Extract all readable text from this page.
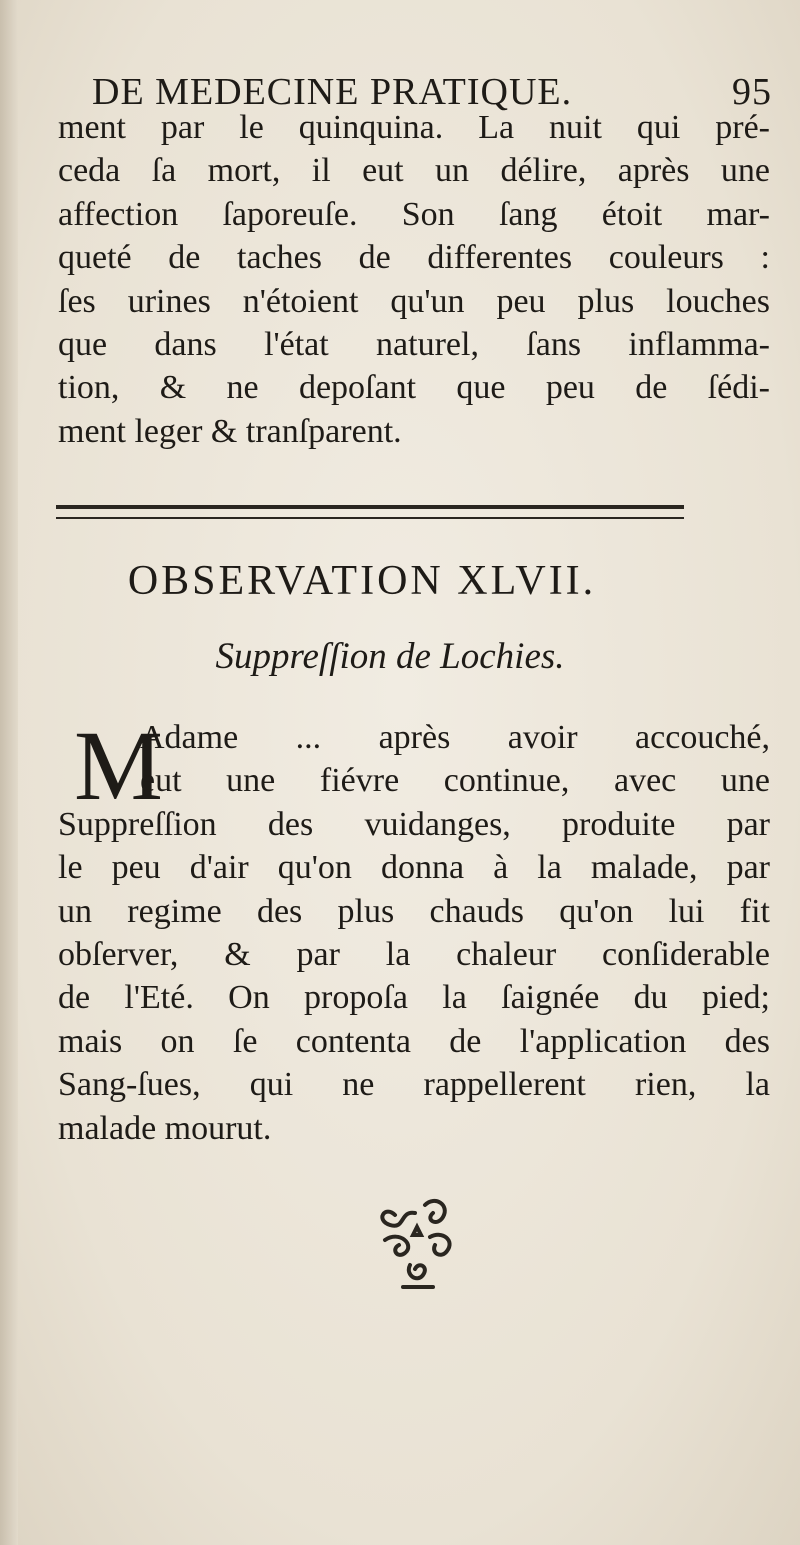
DE MEDECINE PRATIQUE.	95
ment par le quinquina. La nuit qui pré-
ceda ſa mort, il eut un délire, après une
affection ſaporeuſe. Son ſang étoit mar-
queté de taches de differentes couleurs :
ſes urines n'étoient qu'un peu plus louches
que dans l'état naturel, ſans inflamma-
tion, & ne depoſant que peu de ſédi-
ment leger & tranſparent.
OBSERVATION XLVII.
Suppreſſion de Lochies.
M
Adame ... après avoir accouché,
eut une fiévre continue, avec une
Suppreſſion des vuidanges, produite par
le peu d'air qu'on donna à la malade, par
un regime des plus chauds qu'on lui fit
obſerver, & par la chaleur conſiderable
de l'Eté. On propoſa la ſaignée du pied;
mais on ſe contenta de l'application des
Sang-ſues, qui ne rappellerent rien, la
malade mourut.
